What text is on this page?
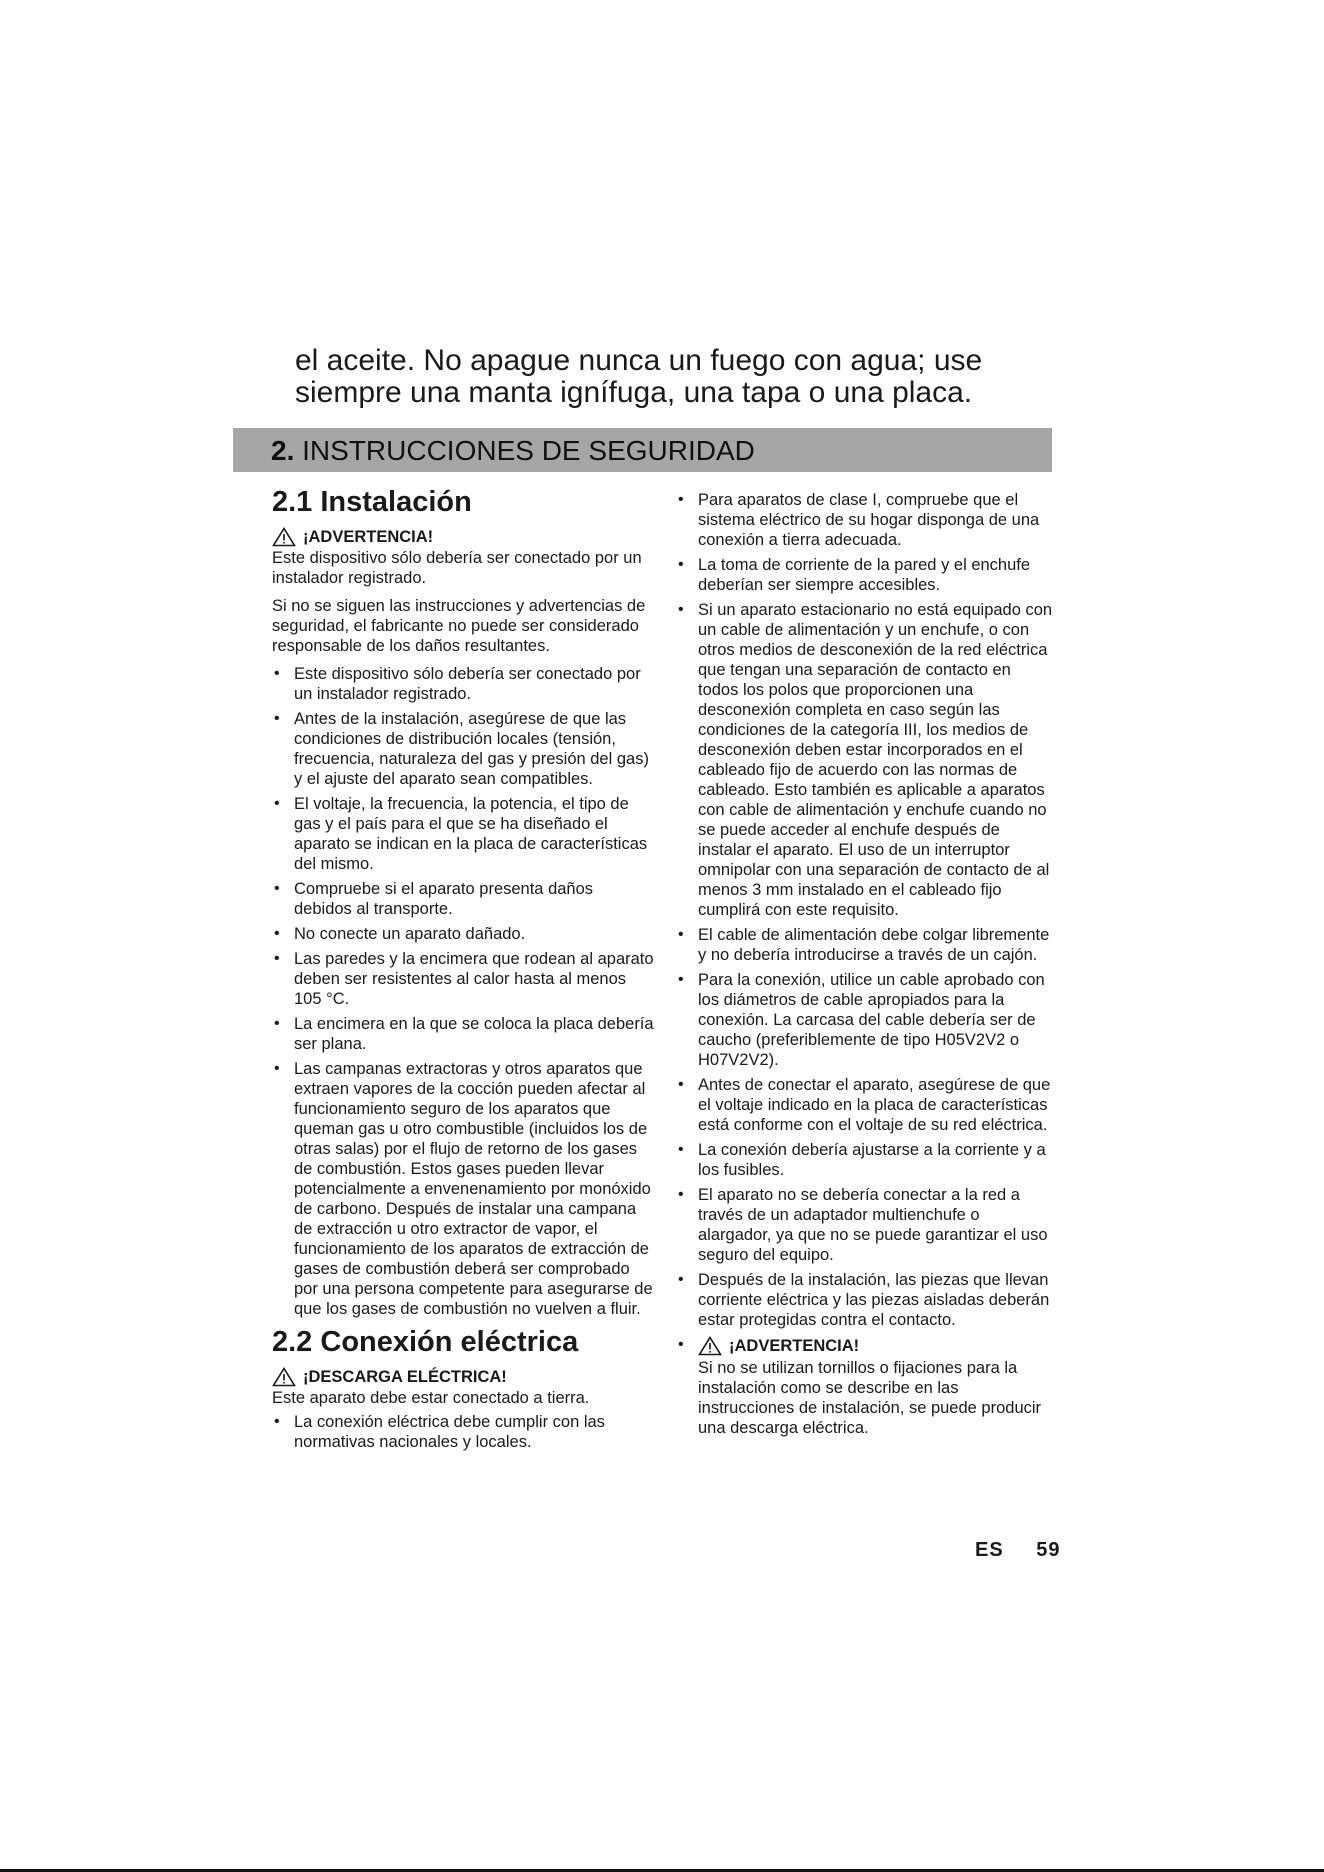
el aceite. No apague nunca un fuego con agua; use

siempre una manta ignífuga, una tapa o una placa.

2. INSTRUCCIONES DE SEGURIDAD
2.1 Instalación
¡ADVERTENCIA!

Este dispositivo sólo debería ser conectado por un instalador registrado.

Si no se siguen las instrucciones y advertencias de seguridad, el fabricante no puede ser considerado responsable de los daños resultantes.

• Este dispositivo sólo debería ser conectado por un instalador registrado.
• Antes de la instalación, asegúrese de que las condiciones de distribución locales (tensión, frecuencia, naturaleza del gas y presión del gas) y el ajuste del aparato sean compatibles.
• El voltaje, la frecuencia, la potencia, el tipo de gas y el país para el que se ha diseñado el aparato se indican en la placa de características del mismo.
• Compruebe si el aparato presenta daños debidos al transporte.
• No conecte un aparato dañado.
• Las paredes y la encimera que rodean al aparato deben ser resistentes al calor hasta al menos 105 °C.
• La encimera en la que se coloca la placa debería ser plana.
• Las campanas extractoras y otros aparatos que extraen vapores de la cocción pueden afectar al funcionamiento seguro de los aparatos que queman gas u otro combustible (incluidos los de otras salas) por el flujo de retorno de los gases de combustión. Estos gases pueden llevar potencialmente a envenenamiento por monóxido de carbono. Después de instalar una campana de extracción u otro extractor de vapor, el funcionamiento de los aparatos de extracción de gases de combustión deberá ser comprobado por una persona competente para asegurarse de que los gases de combustión no vuelven a fluir.
2.2 Conexión eléctrica
¡DESCARGA ELÉCTRICA!

Este aparato debe estar conectado a tierra.

• La conexión eléctrica debe cumplir con las normativas nacionales y locales.
• Para aparatos de clase I, compruebe que el sistema eléctrico de su hogar disponga de una conexión a tierra adecuada.
• La toma de corriente de la pared y el enchufe deberían ser siempre accesibles.
• Si un aparato estacionario no está equipado con un cable de alimentación y un enchufe, o con otros medios de desconexión de la red eléctrica que tengan una separación de contacto en todos los polos que proporcionen una desconexión completa en caso según las condiciones de la categoría III, los medios de desconexión deben estar incorporados en el cableado fijo de acuerdo con las normas de cableado. Esto también es aplicable a aparatos con cable de alimentación y enchufe cuando no se puede acceder al enchufe después de instalar el aparato. El uso de un interruptor omnipolar con una separación de contacto de al menos 3 mm instalado en el cableado fijo cumplirá con este requisito.
• El cable de alimentación debe colgar libremente y no debería introducirse a través de un cajón.
• Para la conexión, utilice un cable aprobado con los diámetros de cable apropiados para la conexión. La carcasa del cable debería ser de caucho (preferiblemente de tipo H05V2V2 o H07V2V2).
• Antes de conectar el aparato, asegúrese de que el voltaje indicado en la placa de características está conforme con el voltaje de su red eléctrica.
• La conexión debería ajustarse a la corriente y a los fusibles.
• El aparato no se debería conectar a la red a través de un adaptador multienchufe o alargador, ya que no se puede garantizar el uso seguro del equipo.
• Después de la instalación, las piezas que llevan corriente eléctrica y las piezas aisladas deberán estar protegidas contra el contacto.
• ¡ADVERTENCIA!
Si no se utilizan tornillos o fijaciones para la instalación como se describe en las instrucciones de instalación, se puede producir una descarga eléctrica.
ES 59
